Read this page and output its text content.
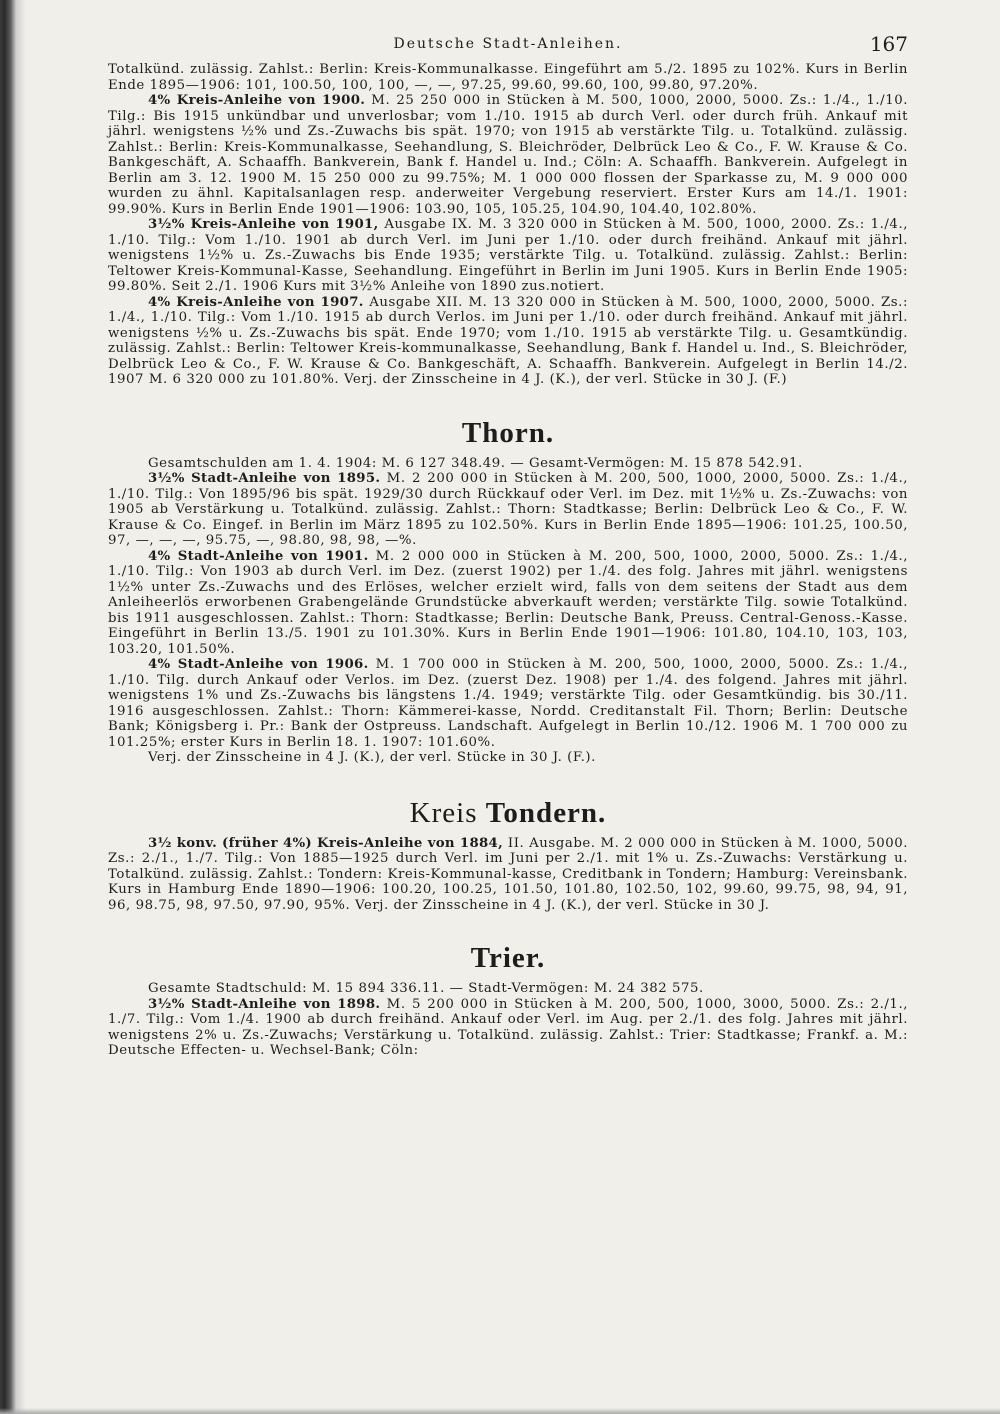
Deutsche Stadt-Anleihen.	167

Totalkünd. zulässig. Zahlst.: Berlin: Kreis-Kommunalkasse. Eingeführt am 5./2. 1895 zu 102%. Kurs in Berlin Ende 1895—1906: 101, 100.50, 100, 100, —, —, 97.25, 99.60, 99.60, 100, 99.80, 97.20%.

4% Kreis-Anleihe von 1900. M. 25 250 000 in Stücken à M. 500, 1000, 2000, 5000. Zs.: 1./4., 1./10. Tilg.: Bis 1915 unkündbar und unverlosbar; vom 1./10. 1915 ab durch Verl. oder durch früh. Ankauf mit jährl. wenigstens ½% und Zs.-Zuwachs bis spät. 1970; von 1915 ab verstärkte Tilg. u. Totalkünd. zulässig. Zahlst.: Berlin: Kreis-Kommunalkasse, Seehandlung, S. Bleichröder, Delbrück Leo & Co., F. W. Krause & Co. Bankgeschäft, A. Schaaffh. Bankverein, Bank f. Handel u. Ind.; Cöln: A. Schaaffh. Bankverein. Aufgelegt in Berlin am 3. 12. 1900 M. 15 250 000 zu 99.75%; M. 1 000 000 flossen der Sparkasse zu, M. 9 000 000 wurden zu ähnl. Kapitalsanlagen resp. anderweiter Vergebung reserviert. Erster Kurs am 14./1. 1901: 99.90%. Kurs in Berlin Ende 1901—1906: 103.90, 105, 105.25, 104.90, 104.40, 102.80%.

3½% Kreis-Anleihe von 1901, Ausgabe IX. M. 3 320 000 in Stücken à M. 500, 1000, 2000. Zs.: 1./4., 1./10. Tilg.: Vom 1./10. 1901 ab durch Verl. im Juni per 1./10. oder durch freihänd. Ankauf mit jährl. wenigstens 1½% u. Zs.-Zuwachs bis Ende 1935; verstärkte Tilg. u. Totalkünd. zulässig. Zahlst.: Berlin: Teltower Kreis-Kommunal-Kasse, Seehandlung. Eingeführt in Berlin im Juni 1905. Kurs in Berlin Ende 1905: 99.80%. Seit 2./1. 1906 Kurs mit 3½% Anleihe von 1890 zus.notiert.

4% Kreis-Anleihe von 1907. Ausgabe XII. M. 13 320 000 in Stücken à M. 500, 1000, 2000, 5000. Zs.: 1./4., 1./10. Tilg.: Vom 1./10. 1915 ab durch Verlos. im Juni per 1./10. oder durch freihänd. Ankauf mit jährl. wenigstens ½% u. Zs.-Zuwachs bis spät. Ende 1970; vom 1./10. 1915 ab verstärkte Tilg. u. Gesamtkündig. zulässig. Zahlst.: Berlin: Teltower Kreis-kommunalkasse, Seehandlung, Bank f. Handel u. Ind., S. Bleichröder, Delbrück Leo & Co., F. W. Krause & Co. Bankgeschäft, A. Schaaffh. Bankverein. Aufgelegt in Berlin 14./2. 1907 M. 6 320 000 zu 101.80%. Verj. der Zinsscheine in 4 J. (K.), der verl. Stücke in 30 J. (F.)

Thorn.

Gesamtschulden am 1. 4. 1904: M. 6 127 348.49. — Gesamt-Vermögen: M. 15 878 542.91.

3½% Stadt-Anleihe von 1895. M. 2 200 000 in Stücken à M. 200, 500, 1000, 2000, 5000. Zs.: 1./4., 1./10. Tilg.: Von 1895/96 bis spät. 1929/30 durch Rückkauf oder Verl. im Dez. mit 1½% u. Zs.-Zuwachs: von 1905 ab Verstärkung u. Totalkünd. zulässig. Zahlst.: Thorn: Stadtkasse; Berlin: Delbrück Leo & Co., F. W. Krause & Co. Eingef. in Berlin im März 1895 zu 102.50%. Kurs in Berlin Ende 1895—1906: 101.25, 100.50, 97, —, —, —, 95.75, —, 98.80, 98, 98, —%.

4% Stadt-Anleihe von 1901. M. 2 000 000 in Stücken à M. 200, 500, 1000, 2000, 5000. Zs.: 1./4., 1./10. Tilg.: Von 1903 ab durch Verl. im Dez. (zuerst 1902) per 1./4. des folg. Jahres mit jährl. wenigstens 1½% unter Zs.-Zuwachs und des Erlöses, welcher erzielt wird, falls von dem seitens der Stadt aus dem Anleiheerlös erworbenen Grabengelände Grundstücke abverkauft werden; verstärkte Tilg. sowie Totalkünd. bis 1911 ausgeschlossen. Zahlst.: Thorn: Stadtkasse; Berlin: Deutsche Bank, Preuss. Central-Genoss.-Kasse. Eingeführt in Berlin 13./5. 1901 zu 101.30%. Kurs in Berlin Ende 1901—1906: 101.80, 104.10, 103, 103, 103.20, 101.50%.

4% Stadt-Anleihe von 1906. M. 1 700 000 in Stücken à M. 200, 500, 1000, 2000, 5000. Zs.: 1./4., 1./10. Tilg. durch Ankauf oder Verlos. im Dez. (zuerst Dez. 1908) per 1./4. des folgend. Jahres mit jährl. wenigstens 1% und Zs.-Zuwachs bis längstens 1./4. 1949; verstärkte Tilg. oder Gesamtkündig. bis 30./11. 1916 ausgeschlossen. Zahlst.: Thorn: Kämmerei-kasse, Nordd. Creditanstalt Fil. Thorn; Berlin: Deutsche Bank; Königsberg i. Pr.: Bank der Ostpreuss. Landschaft. Aufgelegt in Berlin 10./12. 1906 M. 1 700 000 zu 101.25%; erster Kurs in Berlin 18. 1. 1907: 101.60%.

Verj. der Zinsscheine in 4 J. (K.), der verl. Stücke in 30 J. (F.).

Kreis Tondern.

3½ konv. (früher 4%) Kreis-Anleihe von 1884, II. Ausgabe. M. 2 000 000 in Stücken à M. 1000, 5000. Zs.: 2./1., 1./7. Tilg.: Von 1885—1925 durch Verl. im Juni per 2./1. mit 1% u. Zs.-Zuwachs: Verstärkung u. Totalkünd. zulässig. Zahlst.: Tondern: Kreis-Kommunal-kasse, Creditbank in Tondern; Hamburg: Vereinsbank. Kurs in Hamburg Ende 1890—1906: 100.20, 100.25, 101.50, 101.80, 102.50, 102, 99.60, 99.75, 98, 94, 91, 96, 98.75, 98, 97.50, 97.90, 95%. Verj. der Zinsscheine in 4 J. (K.), der verl. Stücke in 30 J.

Trier.

Gesamte Stadtschuld: M. 15 894 336.11. — Stadt-Vermögen: M. 24 382 575.

3½% Stadt-Anleihe von 1898. M. 5 200 000 in Stücken à M. 200, 500, 1000, 3000, 5000. Zs.: 2./1., 1./7. Tilg.: Vom 1./4. 1900 ab durch freihänd. Ankauf oder Verl. im Aug. per 2./1. des folg. Jahres mit jährl. wenigstens 2% u. Zs.-Zuwachs; Verstärkung u. Totalkünd. zulässig. Zahlst.: Trier: Stadtkasse; Frankf. a. M.: Deutsche Effecten- u. Wechsel-Bank; Cöln:
